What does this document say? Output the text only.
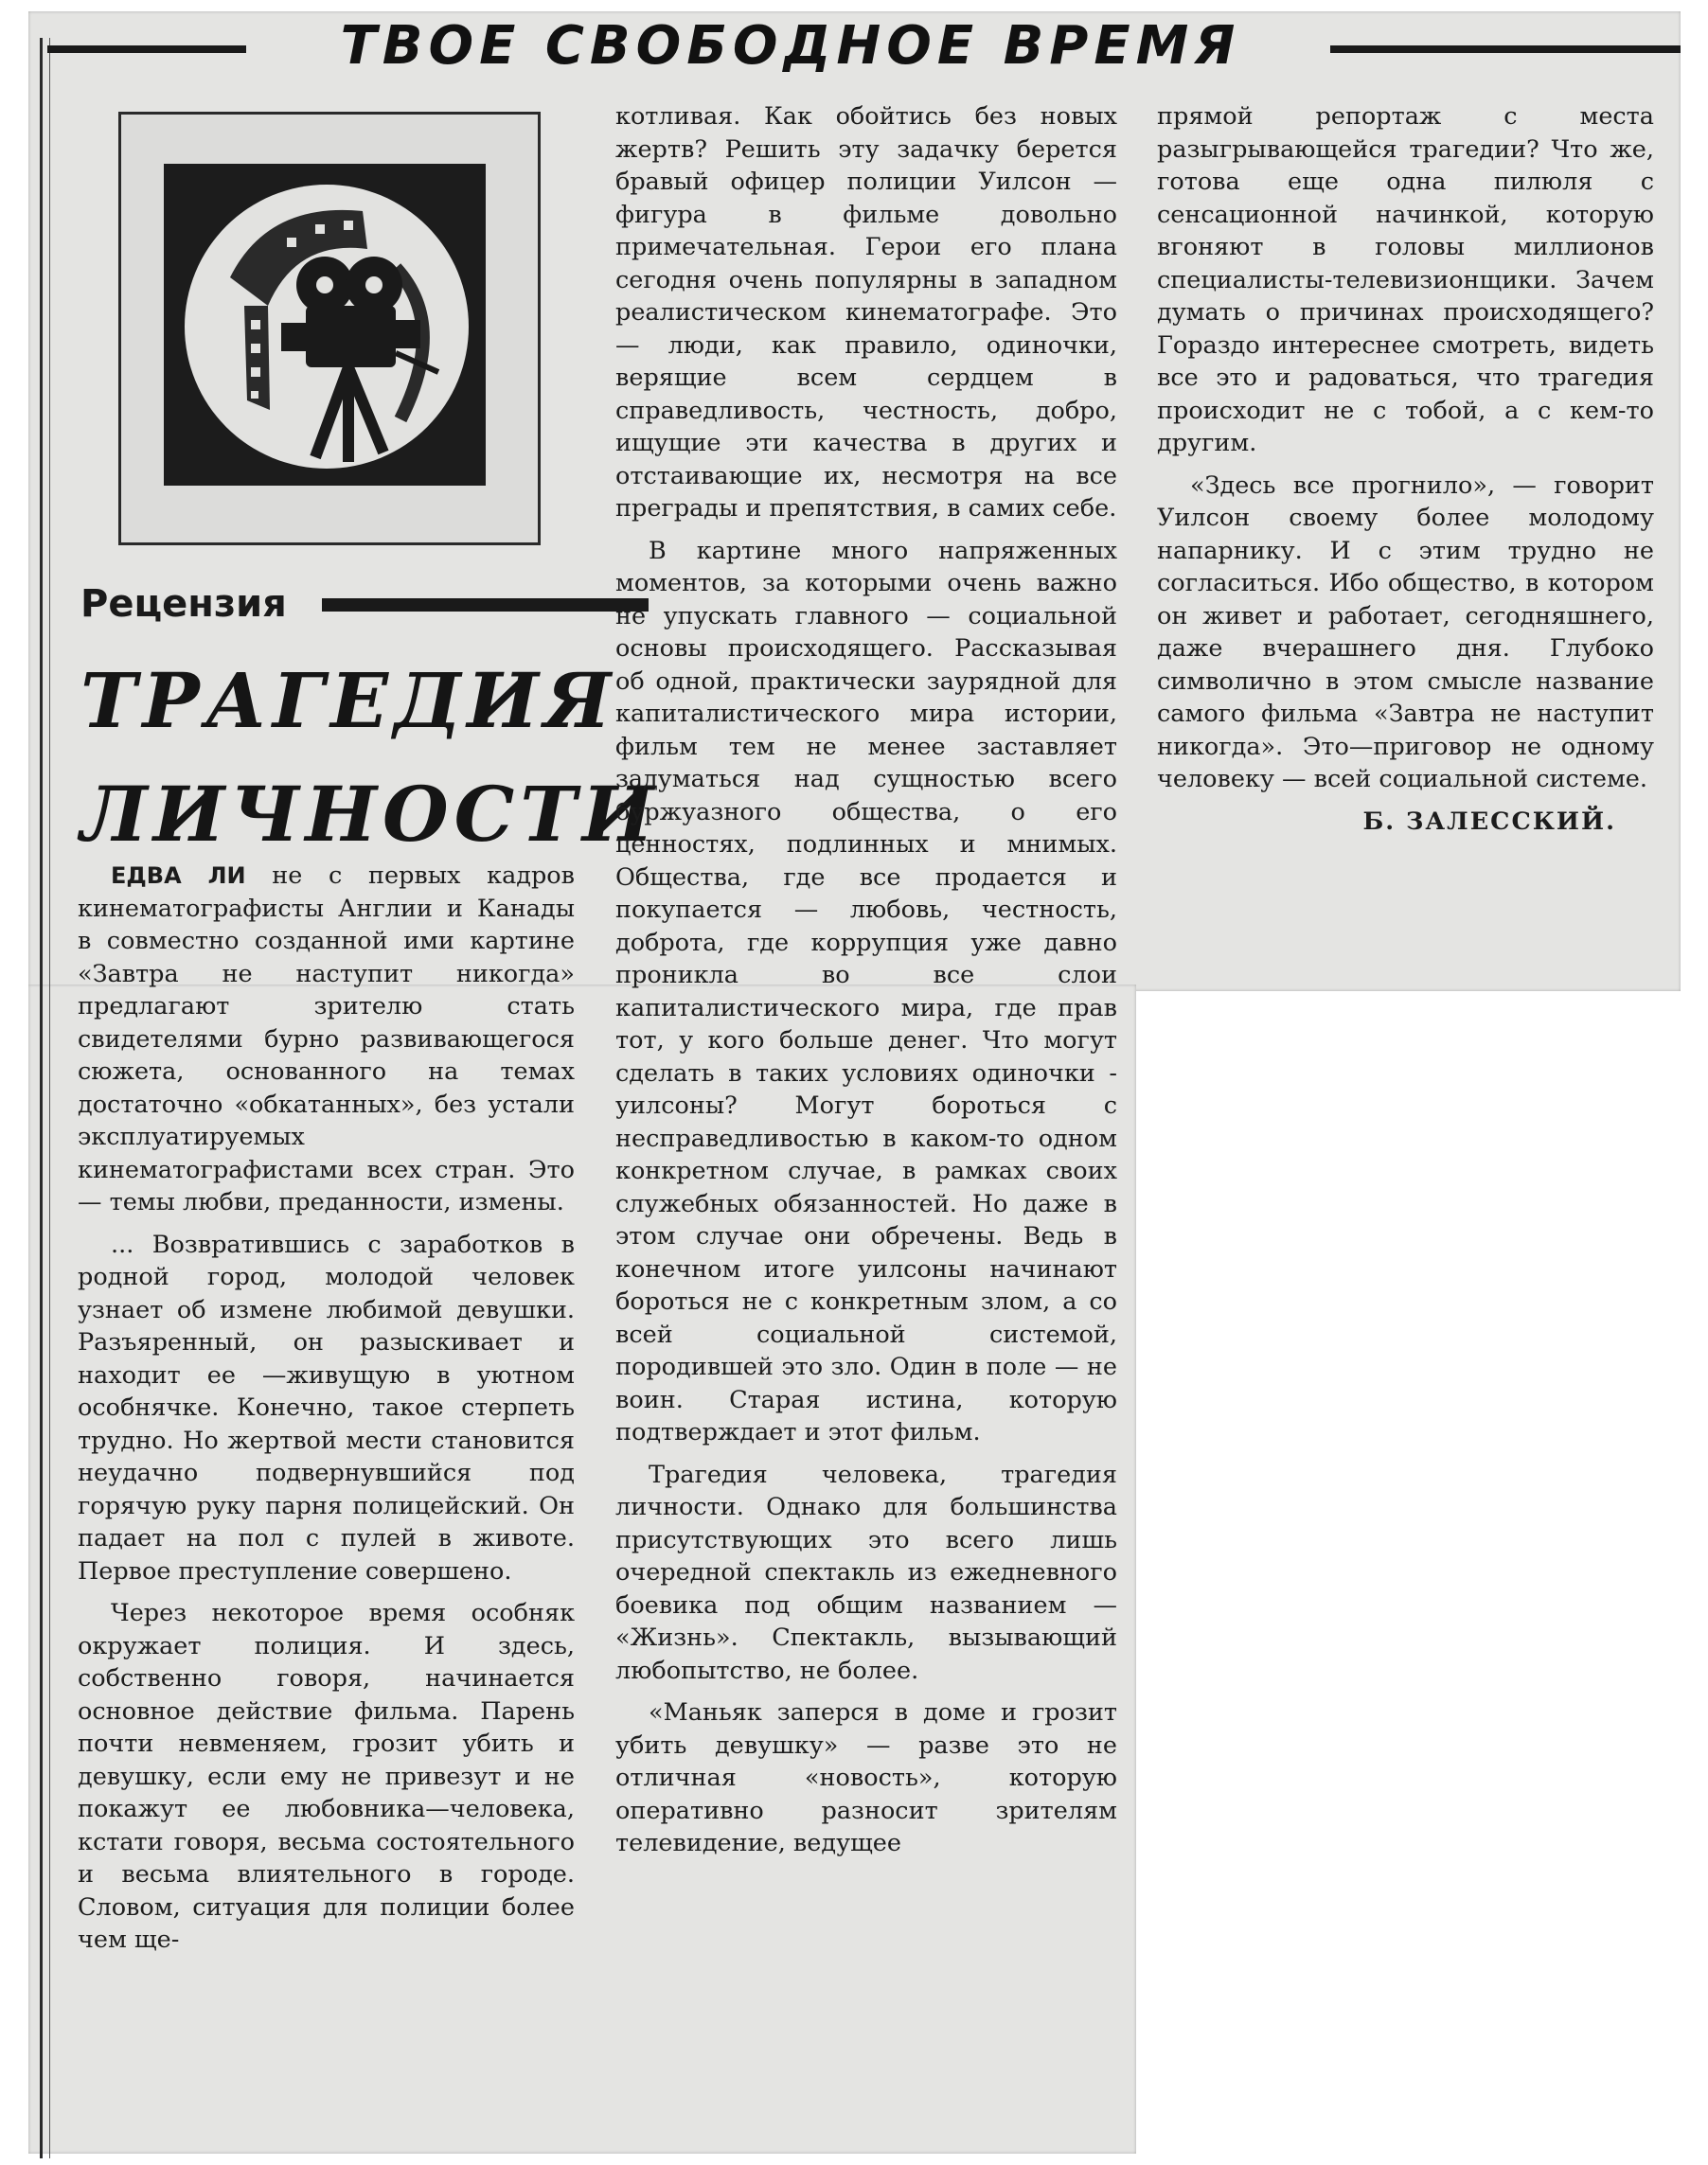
ТВОЕ СВОБОДНОЕ ВРЕМЯ
Рецензия
ТРАГЕДИЯ
ЛИЧНОСТИ

ЕДВА ЛИ не с первых кадров кинематографисты Англии и Канады в совместно созданной ими картине «Завтра не наступит никогда» предлагают зрителю стать свидетелями бурно развивающегося сюжета, основанного на темах достаточно «обкатанных», без устали эксплуатируемых кинематографистами всех стран. Это — темы любви, преданности, измены.

... Возвратившись с заработков в родной город, молодой человек узнает об измене любимой девушки. Разъяренный, он разыскивает и находит ее —живущую в уютном особнячке. Конечно, такое стерпеть трудно. Но жертвой мести становится неудачно подвернувшийся под горячую руку парня полицейский. Он падает на пол с пулей в животе. Первое преступление совершено.

Через некоторое время особняк окружает полиция. И здесь, собственно говоря, начинается основное действие фильма. Парень почти невменяем, грозит убить и девушку, если ему не привезут и не покажут ее любовника—человека, кстати говоря, весьма состоятельного и весьма влиятельного в городе. Словом, ситуация для полиции более чем ще-

котливая. Как обойтись без новых жертв? Решить эту задачку берется бравый офицер полиции Уилсон — фигура в фильме довольно примечательная. Герои его плана сегодня очень популярны в западном реалистическом кинематографе. Это — люди, как правило, одиночки, верящие всем сердцем в справедливость, честность, добро, ищущие эти качества в других и отстаивающие их, несмотря на все преграды и препятствия, в самих себе.

В картине много напряженных моментов, за которыми очень важно не упускать главного — социальной основы происходящего. Рассказывая об одной, практически заурядной для капиталистического мира истории, фильм тем не менее заставляет задуматься над сущностью всего буржуазного общества, о его ценностях, подлинных и мнимых. Общества, где все продается и покупается — любовь, честность, доброта, где коррупция уже давно проникла во все слои капиталистического мира, где прав тот, у кого больше денег. Что могут сделать в таких условиях одиночки - уилсоны? Могут бороться с несправедливостью в каком-то одном конкретном случае, в рамках своих служебных обязанностей. Но даже в этом случае они обречены. Ведь в конечном итоге уилсоны начинают бороться не с конкретным злом, а со всей социальной системой, породившей это зло. Один в поле — не воин. Старая истина, которую подтверждает и этот фильм.

Трагедия человека, трагедия личности. Однако для большинства присутствующих это всего лишь очередной спектакль из ежедневного боевика под общим названием — «Жизнь». Спектакль, вызывающий любопытство, не более.

«Маньяк заперся в доме и грозит убить девушку» — разве это не отличная «новость», которую оперативно разносит зрителям телевидение, ведущее

прямой репортаж с места разыгрывающейся трагедии? Что же, готова еще одна пилюля с сенсационной начинкой, которую вгоняют в головы миллионов специалисты-телевизионщики. Зачем думать о причинах происходящего? Гораздо интереснее смотреть, видеть все это и радоваться, что трагедия происходит не с тобой, а с кем-то другим.

«Здесь все прогнило», — говорит Уилсон своему более молодому напарнику. И с этим трудно не согласиться. Ибо общество, в котором он живет и работает, сегодняшнего, даже вчерашнего дня. Глубоко символично в этом смысле название самого фильма «Завтра не наступит никогда». Это—приговор не одному человеку — всей социальной системе.

Б. ЗАЛЕССКИЙ.
